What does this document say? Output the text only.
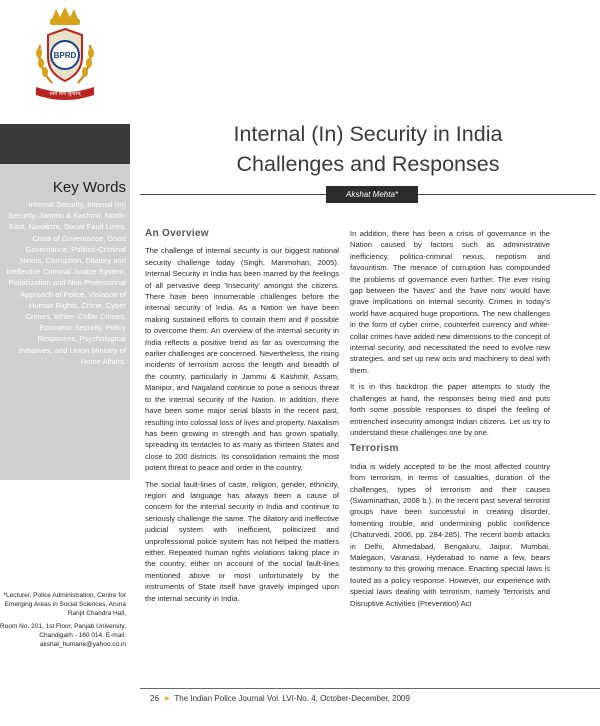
BPRD
सत्यं शिवं सुन्दरम्
Key Words
Internal Security, Internal (In) Security, Jammu & Kashmir, North-East, Naxalism, Social Fault Lines, Crisis of Governance, Good Governance, Politico-Criminal Nexus, Corruption, Dilatory and Ineffective Criminal Justice System, Politicization and Non-Professional Approach of Police, Violation of Human Rights, Crime, Cyber Crimes, White- Collar Crimes, Economic Security, Policy Responses, Psychological Initiatives, and Union Ministry of Home Affairs.

*Lecturer, Police Administration, Centre for Emerging Areas in Social Sciences, Aruna Ranjit Chandra Hall,

Room No. 201, 1st Floor, Panjab University, Chandigarh - 160 014. E-mail: akshat_humane@yahoo.co.in

Internal (In) Security in India
Challenges and Responses
Akshat Mehta*
An Overview

The challenge of internal security is our biggest national security challenge today (Singh, Manmohan, 2005). Internal Security in India has been marred by the feelings of all pervasive deep 'Insecurity' amongst the citizens. There have been innumerable challenges before the internal security of India. As a Nation we have been making sustained efforts to contain them and if possible to overcome them. An overview of the internal security in India reflects a positive trend as far as overcoming the earlier challenges are concerned. Nevertheless, the rising incidents of terrorism across the length and breadth of the country, particularly in Jammu & Kashmir, Assam, Manipur, and Nagaland continue to pose a serious threat to the internal security of the Nation. In addition, there have been some major serial blasts in the recent past, resulting into colossal loss of lives and property. Naxalism has been growing in strength and has grown spatially, spreading its tentacles to as many as thirteen States and close to 200 districts. Its consolidation remains the most potent threat to peace and order in the country.

The social fault-lines of caste, religion, gender, ethnicity, region and language has always been a cause of concern for the internal security in India and continue to seriously challenge the same. The dilatory and ineffective judicial system with inefficient, politicized and unprofessional police system has not helped the matters either. Repeated human rights violations taking place in the country, either on account of the social fault-lines mentioned above or most unfortunately by the instruments of State itself have gravely impinged upon the internal security in India.

In addition, there has been a crisis of governance in the Nation caused by factors such as administrative inefficiency, politico-criminal nexus, nepotism and favouritism. The menace of corruption has compounded the problems of governance even further. The ever rising gap between the 'haves' and the 'have nots' would have grave implications on internal security. Crimes in today's world have acquired huge proportions. The new challenges in the form of cyber crime, counterfeit currency and white-collar crimes have added new dimensions to the concept of internal security, and necessitated the need to evolve new strategies, and set up new acts and machinery to deal with them.

It is in this backdrop the paper attempts to study the challenges at hand, the responses being tried and puts forth some possible responses to dispel the feeling of entrenched insecurity amongst Indian citizens. Let us try to understand these challenges one by one.

Terrorism

India is widely accepted to be the most affected country from terrorism, in terms of casualties, duration of the challenges, types of terrorism and their causes (Swaminathan, 2008 b.). In the recent past several terrorist groups have been successful in creating disorder, fomenting trouble, and undermining public confidence (Chaturvedi, 2006, pp. 284-285). The recent bomb attacks in Delhi, Ahmedabad, Bengaluru, Jaipur, Mumbai, Malegaon, Varanasi, Hyderabad to name a few, bears testimony to this growing menace. Enacting special laws is touted as a policy response. However, our experience with special laws dealing with terrorism, namely Terrorists and Disruptive Activities (Prevention) Act

26  ➤  The Indian Police Journal Vol. LVI-No. 4, October-December, 2009
